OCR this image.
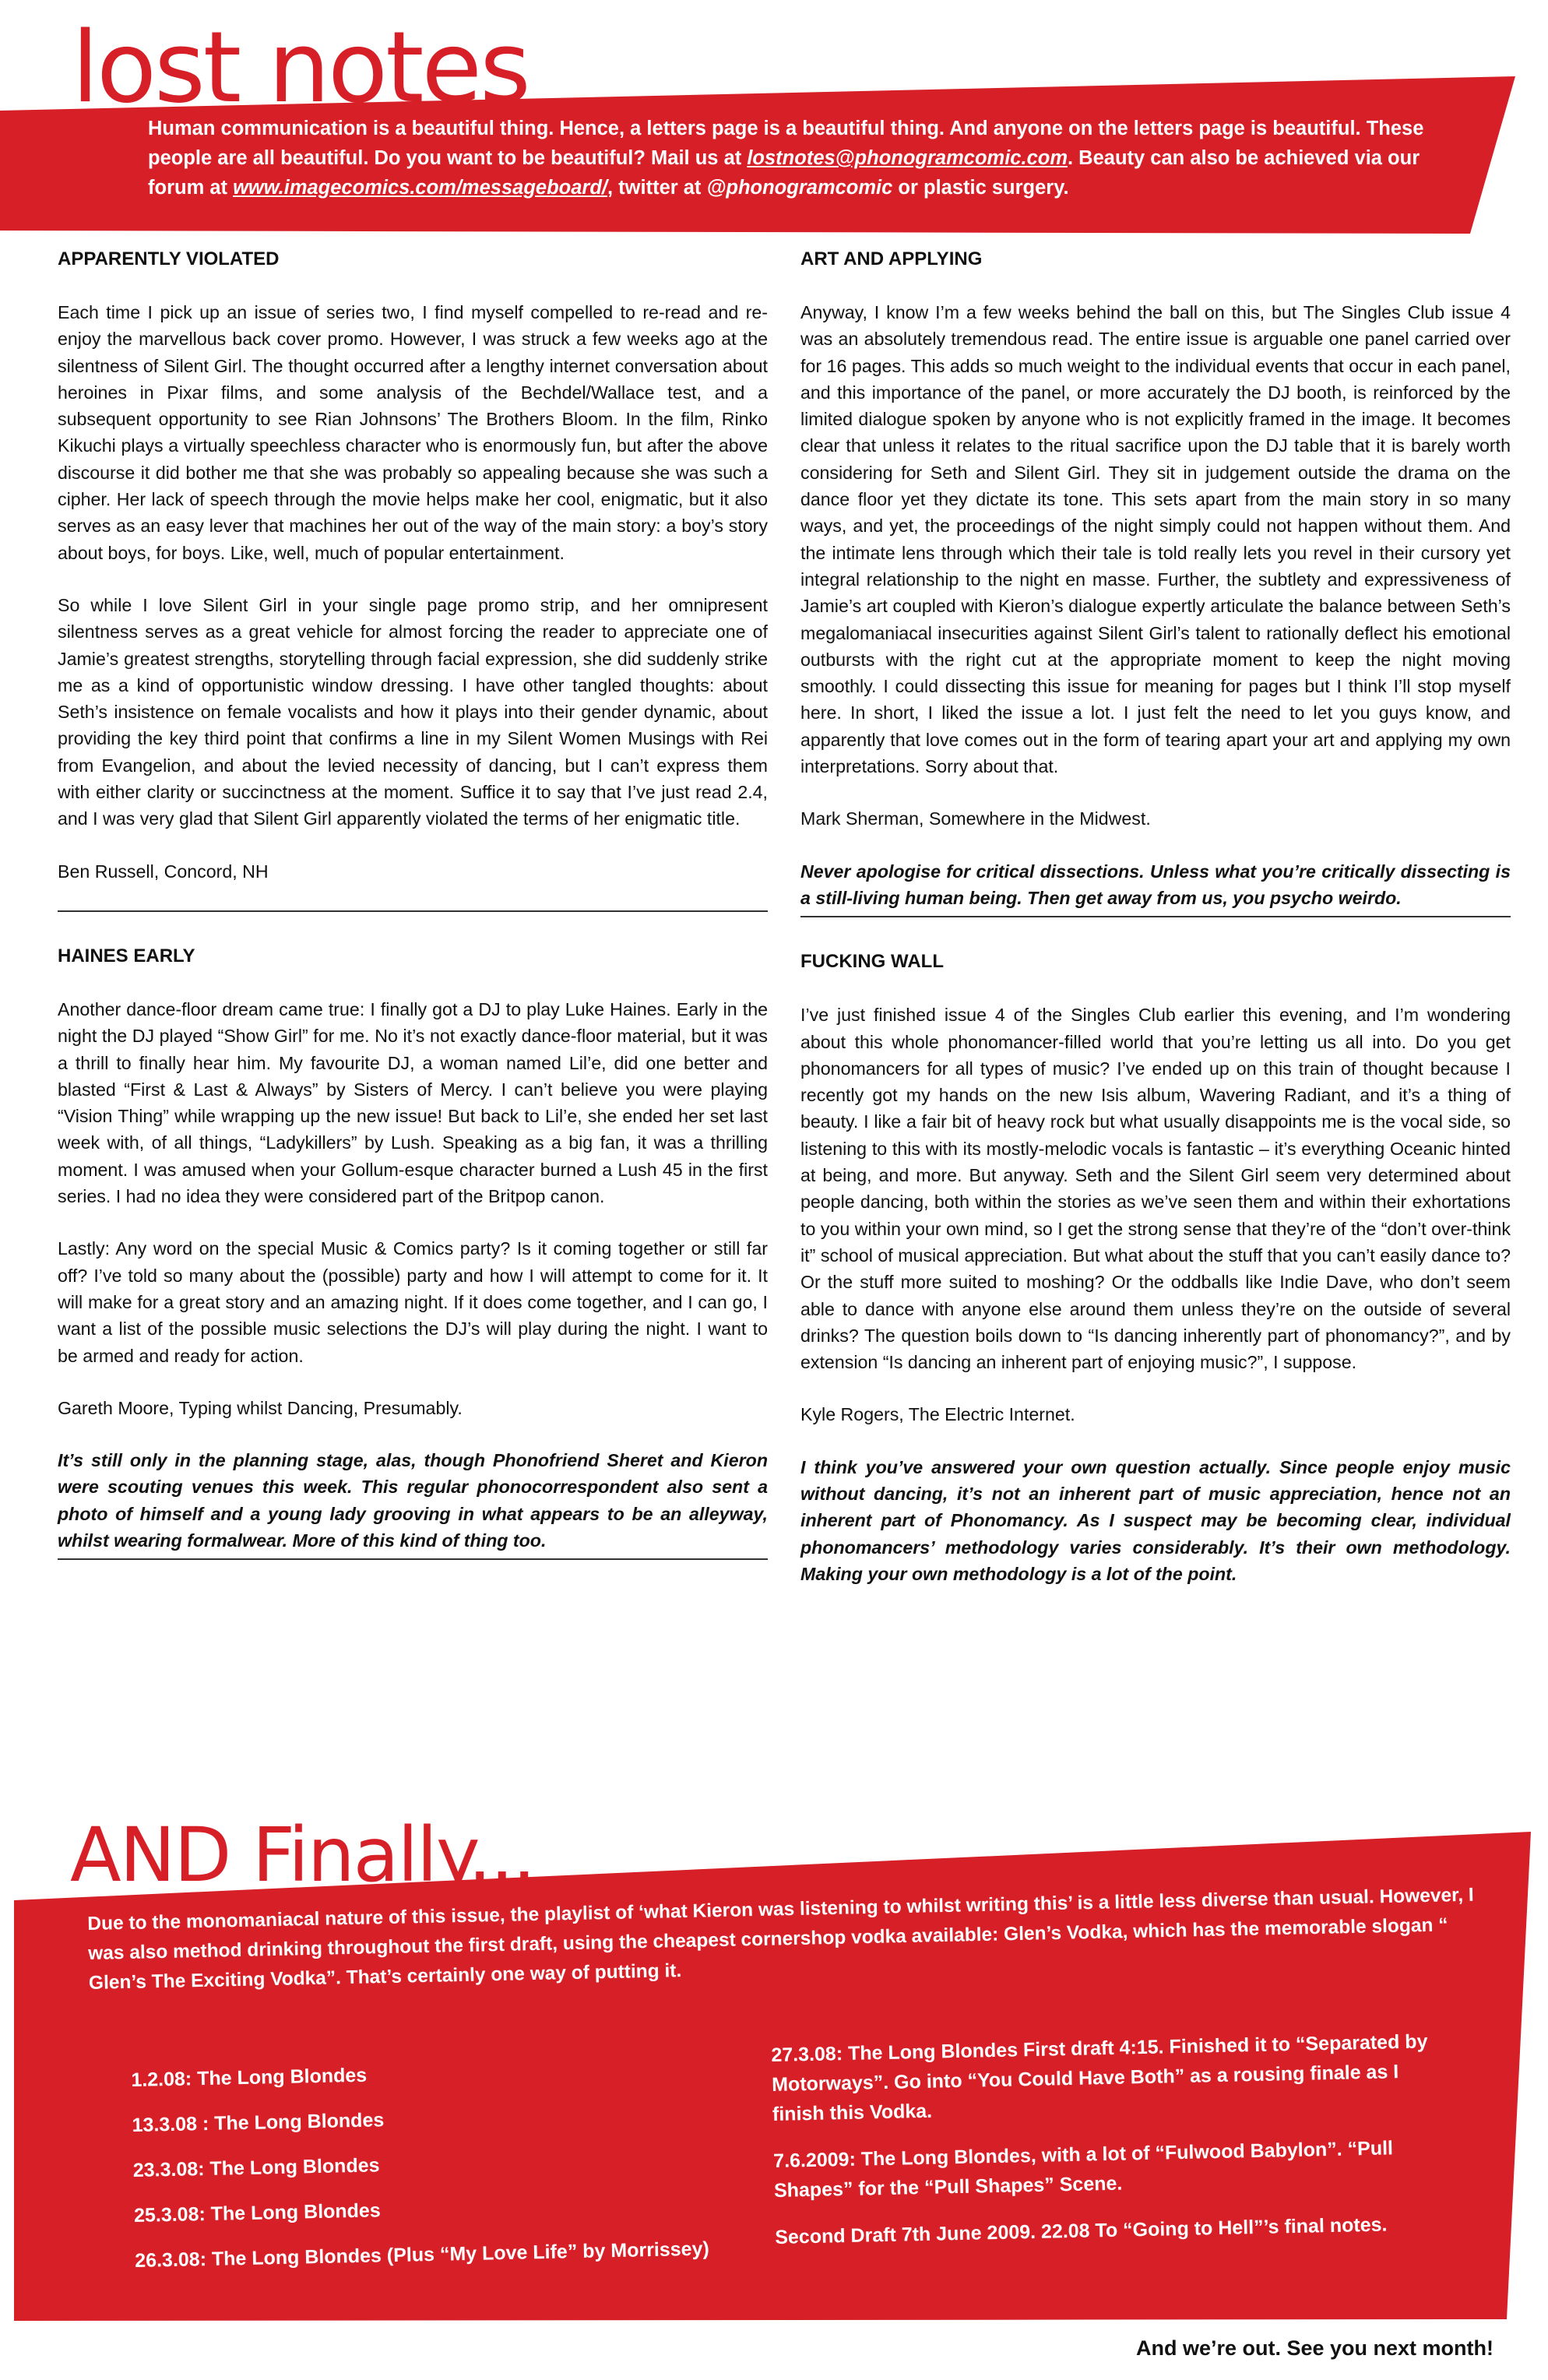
lost notes

Human communication is a beautiful thing. Hence, a letters page is a beautiful thing. And anyone on the letters page is beautiful. These people are all beautiful. Do you want to be beautiful? Mail us at lostnotes@phonogramcomic.com. Beauty can also be achieved via our forum at www.imagecomics.com/messageboard/, twitter at @phonogramcomic or plastic surgery.

APPARENTLY VIOLATED

Each time I pick up an issue of series two, I find myself compelled to re-read and re-enjoy the marvellous back cover promo. However, I was struck a few weeks ago at the silentness of Silent Girl. The thought occurred after a lengthy internet conversation about heroines in Pixar films, and some analysis of the Bechdel/Wallace test, and a subsequent opportunity to see Rian Johnsons’ The Brothers Bloom. In the film, Rinko Kikuchi plays a virtually speechless character who is enormously fun, but after the above discourse it did bother me that she was probably so appealing because she was such a cipher. Her lack of speech through the movie helps make her cool, enigmatic, but it also serves as an easy lever that machines her out of the way of the main story: a boy’s story about boys, for boys. Like, well, much of popular entertainment.

So while I love Silent Girl in your single page promo strip, and her omnipresent silentness serves as a great vehicle for almost forcing the reader to appreciate one of Jamie’s greatest strengths, storytelling through facial expression, she did suddenly strike me as a kind of opportunistic window dressing. I have other tangled thoughts: about Seth’s insistence on female vocalists and how it plays into their gender dynamic, about providing the key third point that confirms a line in my Silent Women Musings with Rei from Evangelion, and about the levied necessity of dancing, but I can’t express them with either clarity or succinctness at the moment. Suffice it to say that I’ve just read 2.4, and I was very glad that Silent Girl apparently violated the terms of her enigmatic title.

Ben Russell, Concord, NH

HAINES EARLY

Another dance-floor dream came true: I finally got a DJ to play Luke Haines. Early in the night the DJ played “Show Girl” for me. No it’s not exactly dance-floor material, but it was a thrill to finally hear him. My favourite DJ, a woman named Lil’e, did one better and blasted “First & Last & Always” by Sisters of Mercy. I can’t believe you were playing “Vision Thing” while wrapping up the new issue! But back to Lil’e, she ended her set last week with, of all things, “Ladykillers” by Lush. Speaking as a big fan, it was a thrilling moment. I was amused when your Gollum-esque character burned a Lush 45 in the first series. I had no idea they were considered part of the Britpop canon.

Lastly: Any word on the special Music & Comics party? Is it coming together or still far off? I’ve told so many about the (possible) party and how I will attempt to come for it. It will make for a great story and an amazing night. If it does come together, and I can go, I want a list of the possible music selections the DJ’s will play during the night. I want to be armed and ready for action.

Gareth Moore, Typing whilst Dancing, Presumably.

It’s still only in the planning stage, alas, though Phonofriend Sheret and Kieron were scouting venues this week. This regular phonocorrespondent also sent a photo of himself and a young lady grooving in what appears to be an alleyway, whilst wearing formalwear. More of this kind of thing too.

ART AND APPLYING

Anyway, I know I’m a few weeks behind the ball on this, but The Singles Club issue 4 was an absolutely tremendous read. The entire issue is arguable one panel carried over for 16 pages. This adds so much weight to the individual events that occur in each panel, and this importance of the panel, or more accurately the DJ booth, is reinforced by the limited dialogue spoken by anyone who is not explicitly framed in the image. It becomes clear that unless it relates to the ritual sacrifice upon the DJ table that it is barely worth considering for Seth and Silent Girl. They sit in judgement outside the drama on the dance floor yet they dictate its tone. This sets apart from the main story in so many ways, and yet, the proceedings of the night simply could not happen without them. And the intimate lens through which their tale is told really lets you revel in their cursory yet integral relationship to the night en masse. Further, the subtlety and expressiveness of Jamie’s art coupled with Kieron’s dialogue expertly articulate the balance between Seth’s megalomaniacal insecurities against Silent Girl’s talent to rationally deflect his emotional outbursts with the right cut at the appropriate moment to keep the night moving smoothly. I could dissecting this issue for meaning for pages but I think I’ll stop myself here. In short, I liked the issue a lot. I just felt the need to let you guys know, and apparently that love comes out in the form of tearing apart your art and applying my own interpretations. Sorry about that.

Mark Sherman, Somewhere in the Midwest.

Never apologise for critical dissections. Unless what you’re critically dissecting is a still-living human being. Then get away from us, you psycho weirdo.

FUCKING WALL

I’ve just finished issue 4 of the Singles Club earlier this evening, and I’m wondering about this whole phonomancer-filled world that you’re letting us all into. Do you get phonomancers for all types of music? I’ve ended up on this train of thought because I recently got my hands on the new Isis album, Wavering Radiant, and it’s a thing of beauty. I like a fair bit of heavy rock but what usually disappoints me is the vocal side, so listening to this with its mostly-melodic vocals is fantastic – it’s everything Oceanic hinted at being, and more. But anyway. Seth and the Silent Girl seem very determined about people dancing, both within the stories as we’ve seen them and within their exhortations to you within your own mind, so I get the strong sense that they’re of the “don’t over-think it” school of musical appreciation. But what about the stuff that you can’t easily dance to? Or the stuff more suited to moshing? Or the oddballs like Indie Dave, who don’t seem able to dance with anyone else around them unless they’re on the outside of several drinks? The question boils down to “Is dancing inherently part of phonomancy?”, and by extension “Is dancing an inherent part of enjoying music?”, I suppose.

Kyle Rogers, The Electric Internet.

I think you’ve answered your own question actually. Since people enjoy music without dancing, it’s not an inherent part of music appreciation, hence not an inherent part of Phonomancy. As I suspect may be becoming clear, individual phonomancers’ methodology varies considerably. It’s their own methodology. Making your own methodology is a lot of the point.

AND Finally...

Due to the monomaniacal nature of this issue, the playlist of ‘what Kieron was listening to whilst writing this’ is a little less diverse than usual. However, I was also method drinking throughout the first draft, using the cheapest cornershop vodka available: Glen’s Vodka, which has the memorable slogan “ Glen’s The Exciting Vodka”. That’s certainly one way of putting it.

1.2.08: The Long Blondes
13.3.08 : The Long Blondes
23.3.08: The Long Blondes
25.3.08: The Long Blondes
26.3.08: The Long Blondes (Plus “My Love Life” by Morrissey)
27.3.08: The Long Blondes First draft 4:15. Finished it to “Separated by Motorways”. Go into “You Could Have Both” as a rousing finale as I finish this Vodka.
7.6.2009: The Long Blondes, with a lot of “Fulwood Babylon”. “Pull Shapes” for the “Pull Shapes” Scene.
Second Draft 7th June 2009. 22.08 To “Going to Hell”’s final notes.

And we’re out. See you next month!
